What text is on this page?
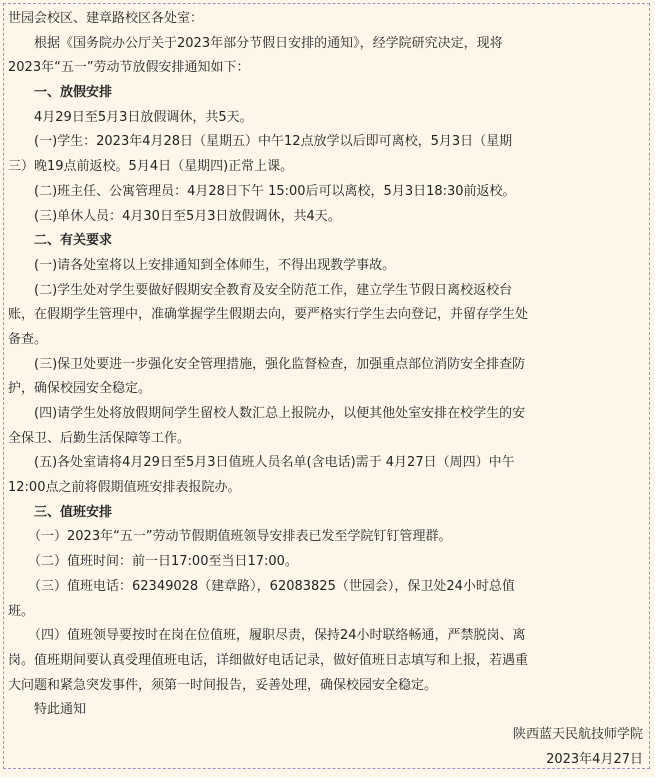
世园会校区、建章路校区各处室：
根据《国务院办公厅关于2023年部分节假日安排的通知》，经学院研究决定，现将
2023年“五一”劳动节放假安排通知如下：
一、放假安排
4月29日至5月3日放假调休，共5天。
(一)学生：2023年4月28日（星期五）中午12点放学以后即可离校，5月3日（星期
三）晚19点前返校。5月4日（星期四)正常上课。
(二)班主任、公寓管理员：4月28日下午 15:00后可以离校，5月3日18:30前返校。
(三)单休人员：4月30日至5月3日放假调休，共4天。
二、有关要求
(一)请各处室将以上安排通知到全体师生，不得出现教学事故。
(二)学生处对学生要做好假期安全教育及安全防范工作，建立学生节假日离校返校台
账，在假期学生管理中，准确掌握学生假期去向，要严格实行学生去向登记，并留存学生处
备查。
(三)保卫处要进一步强化安全管理措施，强化监督检查，加强重点部位消防安全排查防
护，确保校园安全稳定。
(四)请学生处将放假期间学生留校人数汇总上报院办，以便其他处室安排在校学生的安
全保卫、后勤生活保障等工作。
(五)各处室请将4月29日至5月3日值班人员名单(含电话)需于 4月27日（周四）中午
12:00点之前将假期值班安排表报院办。
三、值班安排
（一）2023年“五一”劳动节假期值班领导安排表已发至学院钉钉管理群。
（二）值班时间：前一日17:00至当日17:00。
（三）值班电话：62349028（建章路），62083825（世园会），保卫处24小时总值
班。
（四）值班领导要按时在岗在位值班，履职尽责，保持24小时联络畅通，严禁脱岗、离
岗。值班期间要认真受理值班电话，详细做好电话记录，做好值班日志填写和上报，若遇重
大问题和紧急突发事件，须第一时间报告，妥善处理，确保校园安全稳定。
特此通知
陕西蓝天民航技师学院
2023年4月27日
